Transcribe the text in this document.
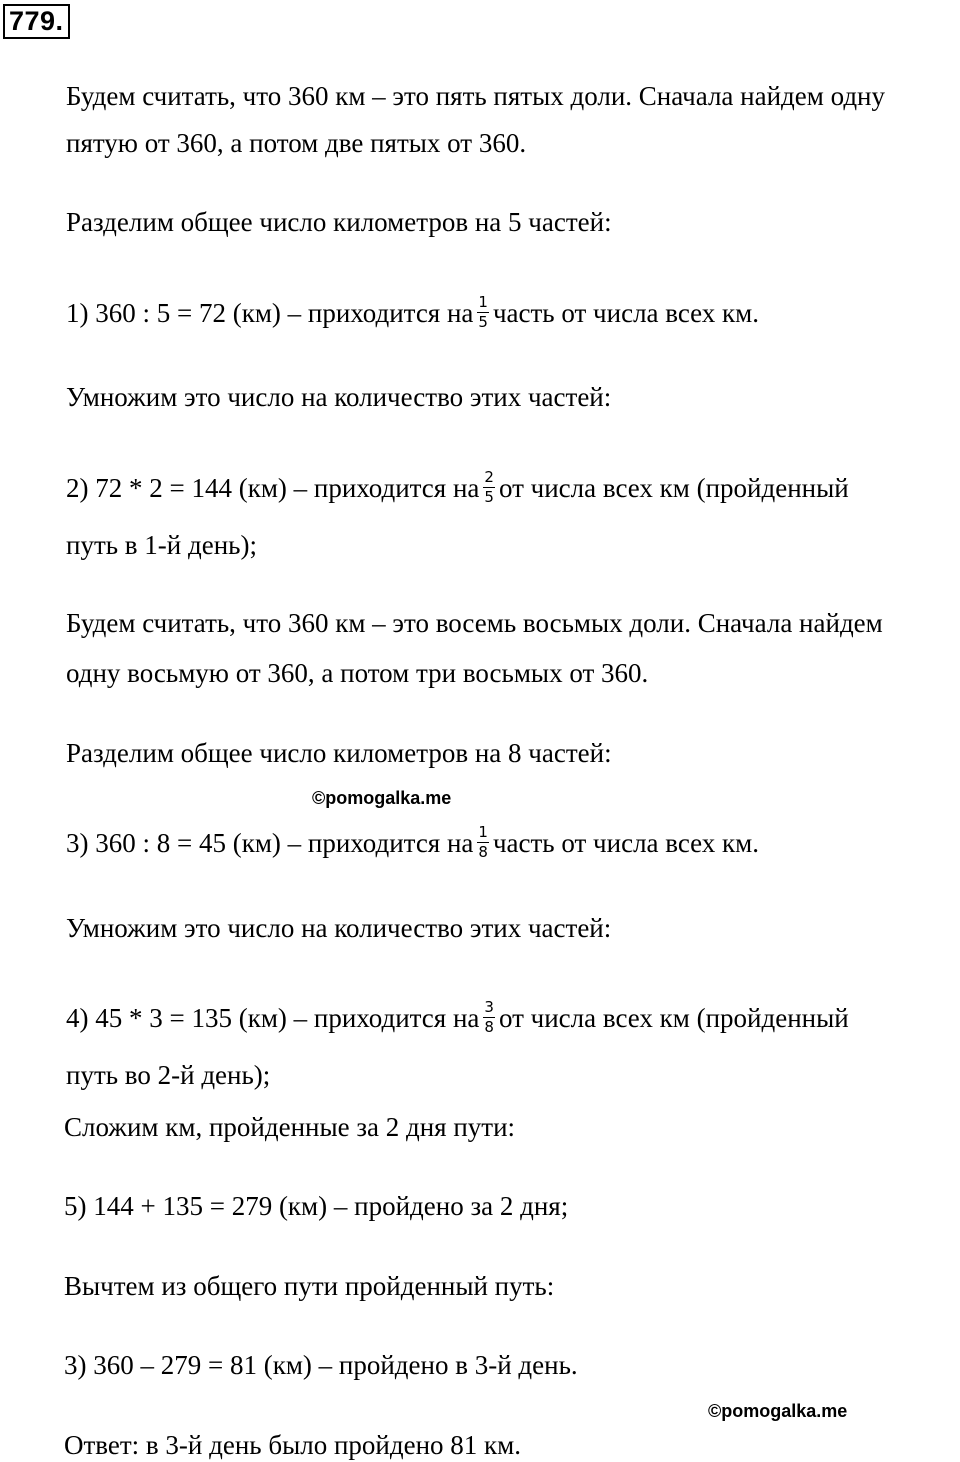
779.
Будем считать, что 360 км – это пять пятых доли. Сначала найдем одну
пятую от 360, а потом две пятых от 360.
Разделим общее число километров на 5 частей:
1) 360 : 5 = 72 (км) – приходится на $\frac{1}{5}$ часть от числа всех км.
Умножим это число на количество этих частей:
2) 72 * 2 = 144 (км) – приходится на $\frac{2}{5}$ от числа всех км (пройденный
путь в 1-й день);
Будем считать, что 360 км – это восемь восьмых доли. Сначала найдем
одну восьмую от 360, а потом три восьмых от 360.
Разделим общее число километров на 8 частей:
©pomogalka.me
3) 360 : 8 = 45 (км) – приходится на $\frac{1}{8}$ часть от числа всех км.
Умножим это число на количество этих частей:
4) 45 * 3 = 135 (км) – приходится на $\frac{3}{8}$ от числа всех км (пройденный
путь во 2-й день);
Сложим км, пройденные за 2 дня пути:
5) 144 + 135 = 279 (км) – пройдено за 2 дня;
Вычтем из общего пути пройденный путь:
3) 360 – 279 = 81 (км) – пройдено в 3-й день.
©pomogalka.me
Ответ: в 3-й день было пройдено 81 км.
